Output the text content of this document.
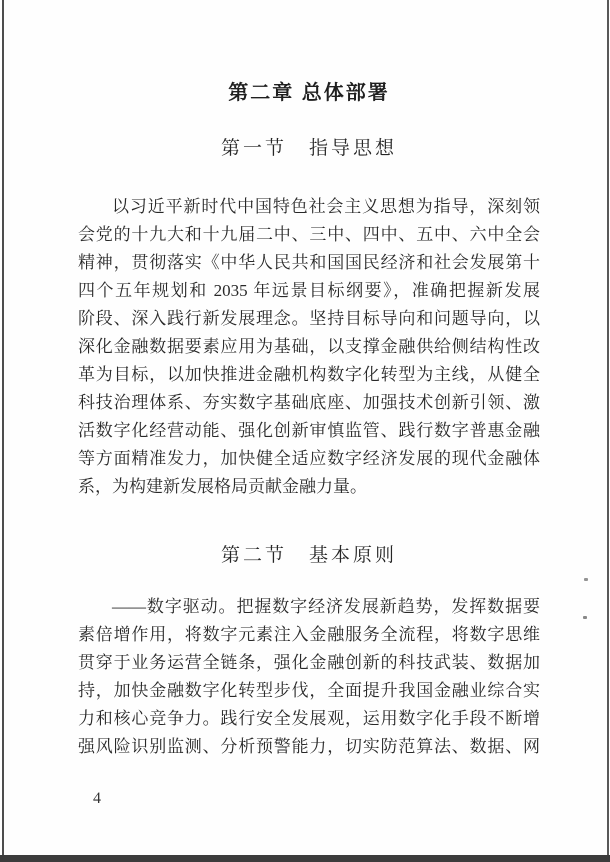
第二章 总体部署
第一节　指导思想
以习近平新时代中国特色社会主义思想为指导，深刻领
会党的十九大和十九届二中、三中、四中、五中、六中全会
精神，贯彻落实《中华人民共和国国民经济和社会发展第十
四个五年规划和 2035 年远景目标纲要》，准确把握新发展
阶段、深入践行新发展理念。坚持目标导向和问题导向，以
深化金融数据要素应用为基础，以支撑金融供给侧结构性改
革为目标，以加快推进金融机构数字化转型为主线，从健全
科技治理体系、夯实数字基础底座、加强技术创新引领、激
活数字化经营动能、强化创新审慎监管、践行数字普惠金融
等方面精准发力，加快健全适应数字经济发展的现代金融体
系，为构建新发展格局贡献金融力量。
第二节　基本原则
——数字驱动。把握数字经济发展新趋势，发挥数据要
素倍增作用，将数字元素注入金融服务全流程，将数字思维
贯穿于业务运营全链条，强化金融创新的科技武装、数据加
持，加快金融数字化转型步伐，全面提升我国金融业综合实
力和核心竞争力。践行安全发展观，运用数字化手段不断增
强风险识别监测、分析预警能力，切实防范算法、数据、网
4
